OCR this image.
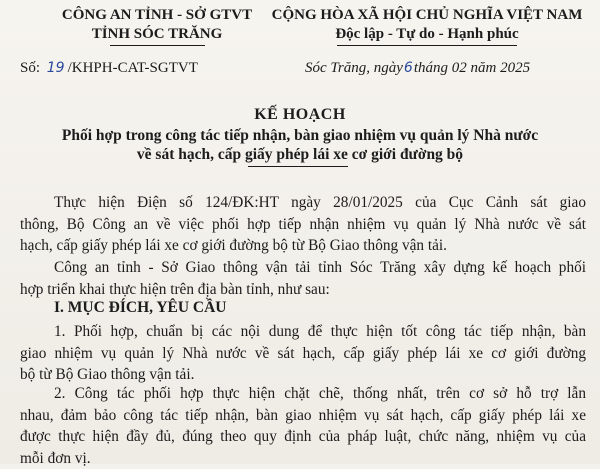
CÔNG AN TỈNH - SỞ GTVT
TỈNH SÓC TRĂNG
CỘNG HÒA XÃ HỘI CHỦ NGHĨA VIỆT NAM
Độc lập - Tự do - Hạnh phúc
Số: 19 /KHPH-CAT-SGTVT	Sóc Trăng, ngày6tháng 02 năm 2025
KẾ HOẠCH
Phối hợp trong công tác tiếp nhận, bàn giao nhiệm vụ quản lý Nhà nước
về sát hạch, cấp giấy phép lái xe cơ giới đường bộ
Thực hiện Điện số 124/ĐK:HT ngày 28/01/2025 của Cục Cảnh sát giao
thông, Bộ Công an về việc phối hợp tiếp nhận nhiệm vụ quản lý Nhà nước về sát
hạch, cấp giấy phép lái xe cơ giới đường bộ từ Bộ Giao thông vận tải.
Công an tỉnh - Sở Giao thông vận tải tỉnh Sóc Trăng xây dựng kế hoạch phối
hợp triển khai thực hiện trên địa bàn tỉnh, như sau:
I. MỤC ĐÍCH, YÊU CẦU
1. Phối hợp, chuẩn bị các nội dung để thực hiện tốt công tác tiếp nhận, bàn
giao nhiệm vụ quản lý Nhà nước về sát hạch, cấp giấy phép lái xe cơ giới đường
bộ từ Bộ Giao thông vận tải.
2. Công tác phối hợp thực hiện chặt chẽ, thống nhất, trên cơ sở hỗ trợ lẫn
nhau, đảm bảo công tác tiếp nhận, bàn giao nhiệm vụ sát hạch, cấp giấy phép lái xe
được thực hiện đầy đủ, đúng theo quy định của pháp luật, chức năng, nhiệm vụ của
mỗi đơn vị.
